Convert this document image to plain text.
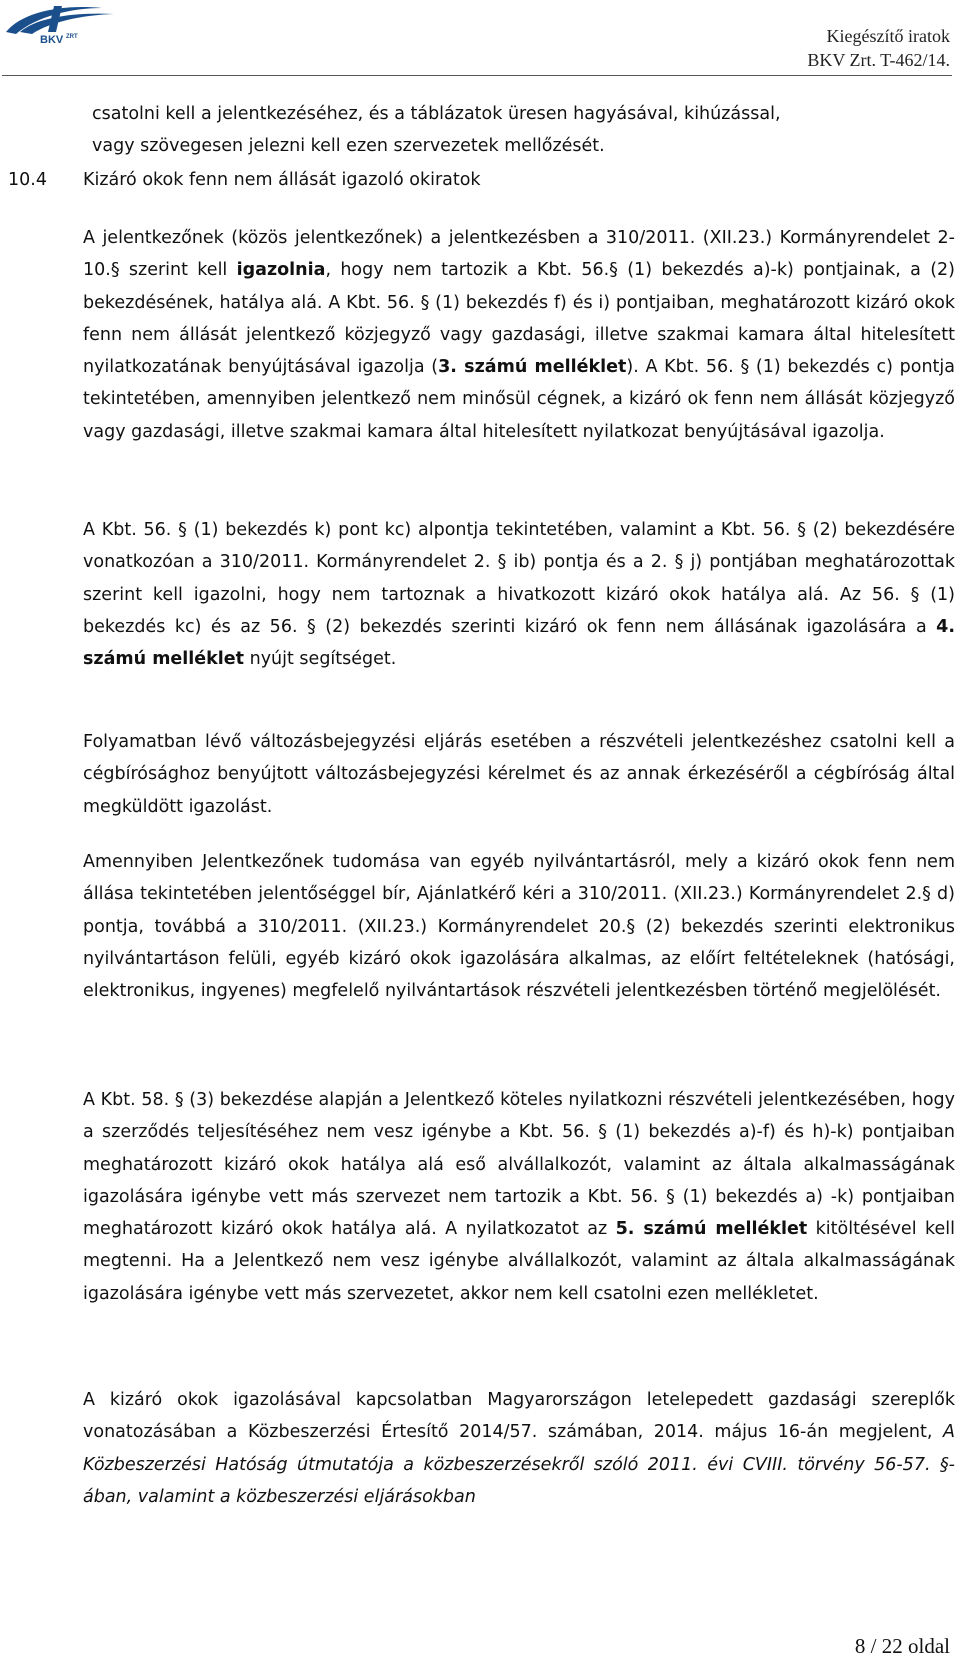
BKV ZRT	Kiegészítő iratok
BKV Zrt. T-462/14.
csatolni kell a jelentkezéséhez, és a táblázatok üresen hagyásával, kihúzással,
vagy szövegesen jelezni kell ezen szervezetek mellőzését.
10.4 Kizáró okok fenn nem állását igazoló okiratok
A jelentkezőnek (közös jelentkezőnek) a jelentkezésben a 310/2011. (XII.23.) Kormányrendelet 2-10.§ szerint kell igazolnia, hogy nem tartozik a Kbt. 56.§ (1) bekezdés a)-k) pontjainak, a (2) bekezdésének, hatálya alá. A Kbt. 56. § (1) bekezdés f) és i) pontjaiban, meghatározott kizáró okok fenn nem állását jelentkező közjegyző vagy gazdasági, illetve szakmai kamara által hitelesített nyilatkozatának benyújtásával igazolja (3. számú melléklet). A Kbt. 56. § (1) bekezdés c) pontja tekintetében, amennyiben jelentkező nem minősül cégnek, a kizáró ok fenn nem állását közjegyző vagy gazdasági, illetve szakmai kamara által hitelesített nyilatkozat benyújtásával igazolja.
A Kbt. 56. § (1) bekezdés k) pont kc) alpontja tekintetében, valamint a Kbt. 56. § (2) bekezdésére vonatkozóan a 310/2011. Kormányrendelet 2. § ib) pontja és a 2. § j) pontjában meghatározottak szerint kell igazolni, hogy nem tartoznak a hivatkozott kizáró okok hatálya alá. Az 56. § (1) bekezdés kc) és az 56. § (2) bekezdés szerinti kizáró ok fenn nem állásának igazolására a 4. számú melléklet nyújt segítséget.
Folyamatban lévő változásbejegyzési eljárás esetében a részvételi jelentkezéshez csatolni kell a cégbírósághoz benyújtott változásbejegyzési kérelmet és az annak érkezéséről a cégbíróság által megküldött igazolást.
Amennyiben Jelentkezőnek tudomása van egyéb nyilvántartásról, mely a kizáró okok fenn nem állása tekintetében jelentőséggel bír, Ajánlatkérő kéri a 310/2011. (XII.23.) Kormányrendelet 2.§ d) pontja, továbbá a 310/2011. (XII.23.) Kormányrendelet 20.§ (2) bekezdés szerinti elektronikus nyilvántartáson felüli, egyéb kizáró okok igazolására alkalmas, az előírt feltételeknek (hatósági, elektronikus, ingyenes) megfelelő nyilvántartások részvételi jelentkezésben történő megjelölését.
A Kbt. 58. § (3) bekezdése alapján a Jelentkező köteles nyilatkozni részvételi jelentkezésében, hogy a szerződés teljesítéséhez nem vesz igénybe a Kbt. 56. § (1) bekezdés a)-f) és h)-k) pontjaiban meghatározott kizáró okok hatálya alá eső alvállalkozót, valamint az általa alkalmasságának igazolására igénybe vett más szervezet nem tartozik a Kbt. 56. § (1) bekezdés a) -k) pontjaiban meghatározott kizáró okok hatálya alá. A nyilatkozatot az 5. számú melléklet kitöltésével kell megtenni. Ha a Jelentkező nem vesz igénybe alvállalkozót, valamint az általa alkalmasságának igazolására igénybe vett más szervezetet, akkor nem kell csatolni ezen mellékletet.
A kizáró okok igazolásával kapcsolatban Magyarországon letelepedett gazdasági szereplők vonatozásában a Közbeszerzési Értesítő 2014/57. számában, 2014. május 16-án megjelent, A Közbeszerzési Hatóság útmutatója a közbeszerzésekről szóló 2011. évi CVIII. törvény 56-57. §-ában, valamint a közbeszerzési eljárásokban
8 / 22 oldal
